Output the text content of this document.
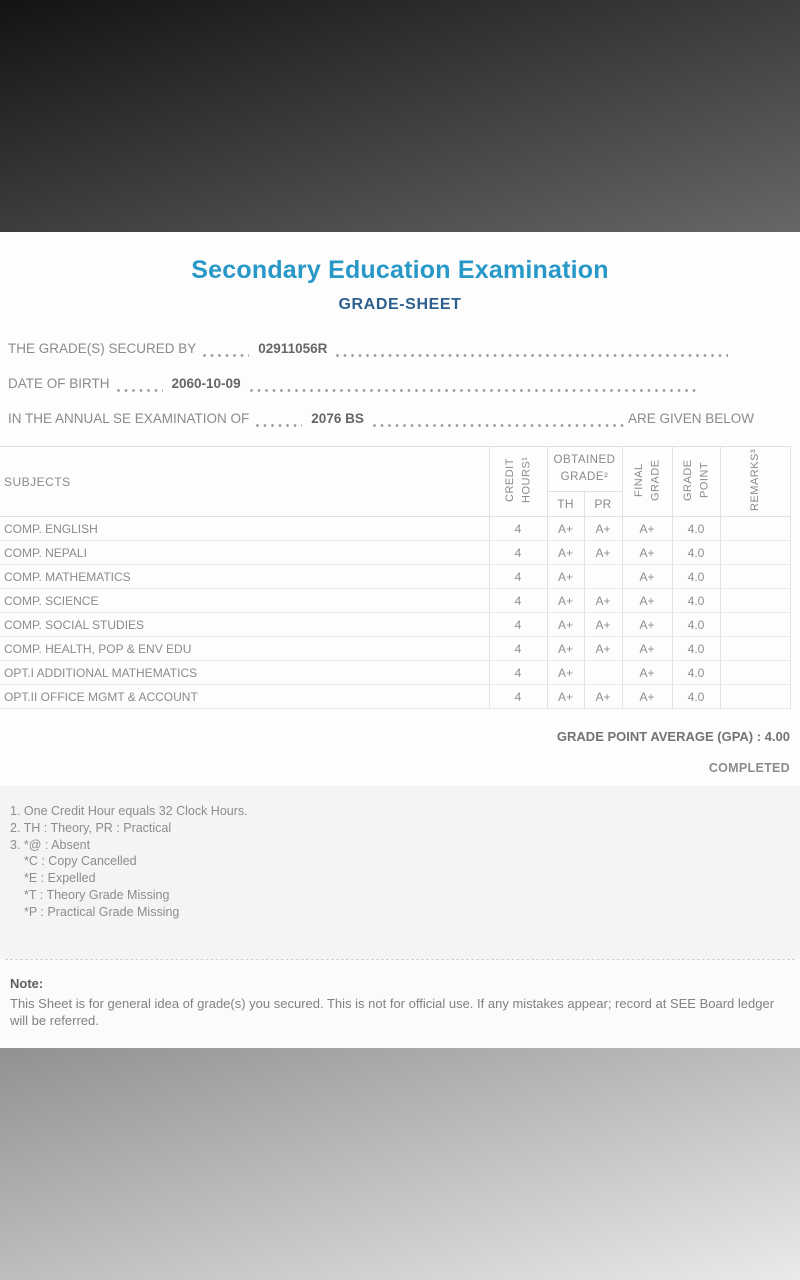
Secondary Education Examination
GRADE-SHEET
THE GRADE(S) SECURED BY	02911056R
DATE OF BIRTH	2060-10-09
IN THE ANNUAL SE EXAMINATION OF	2076 BS	ARE GIVEN BELOW
SUBJECTS	CREDIT HOURS¹	OBTAINED GRADE²		FINAL GRADE	GRADE POINT	REMARKS³
		TH	PR			
COMP. ENGLISH	4	A+	A+	A+	4.0	
COMP. NEPALI	4	A+	A+	A+	4.0	
COMP. MATHEMATICS	4	A+		A+	4.0	
COMP. SCIENCE	4	A+	A+	A+	4.0	
COMP. SOCIAL STUDIES	4	A+	A+	A+	4.0	
COMP. HEALTH, POP & ENV EDU	4	A+	A+	A+	4.0	
OPT.I ADDITIONAL MATHEMATICS	4	A+		A+	4.0	
OPT.II OFFICE MGMT & ACCOUNT	4	A+	A+	A+	4.0	
GRADE POINT AVERAGE (GPA) : 4.00
COMPLETED
1. One Credit Hour equals 32 Clock Hours.
2. TH : Theory, PR : Practical
3. *@ : Absent
*C : Copy Cancelled
*E : Expelled
*T : Theory Grade Missing
*P : Practical Grade Missing
Note:
This Sheet is for general idea of grade(s) you secured. This is not for official use. If any mistakes appear; record at SEE Board ledger will be referred.
